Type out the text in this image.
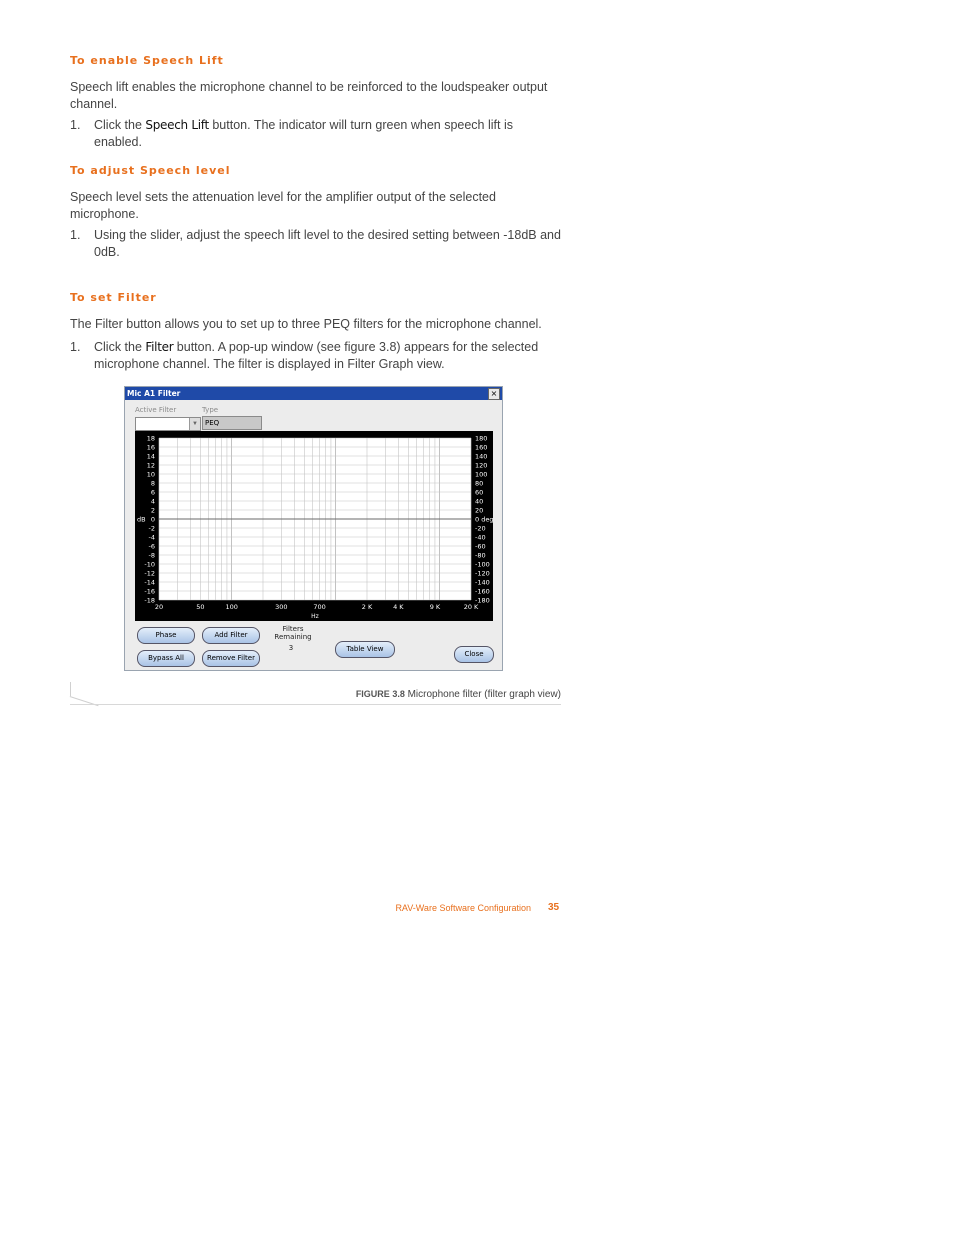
To enable Speech Lift
Speech lift enables the microphone channel to be reinforced to the loudspeaker output channel.
1. Click the Speech Lift button. The indicator will turn green when speech lift is enabled.
To adjust Speech level
Speech level sets the attenuation level for the amplifier output of the selected microphone.
1. Using the slider, adjust the speech lift level to the desired setting between -18dB and 0dB.
To set Filter
The Filter button allows you to set up to three PEQ filters for the microphone channel.
1. Click the Filter button. A pop-up window (see figure 3.8) appears for the selected microphone channel. The filter is displayed in Filter Graph view.
Mic A1 Filter	×
Active Filter
▼
Type
PEQ
18
16
14
12
10
8
6
4
2
0
-2
-4
-6
-8
-10
-12
-14
-16
-18
180
160
140
120
100
80
60
40
20
0 deg
-20
-40
-60
-80
-100
-120
-140
-160
-180
20	50	100	300	700	2 K	4 K	9 K	20 K
dB
Hz
Phase	Add Filter
Bypass All	Remove Filter
Filters Remaining
3	Table View
Close
FIGURE 3.8 Microphone filter (filter graph view)
RAV-Ware Software Configuration 35
